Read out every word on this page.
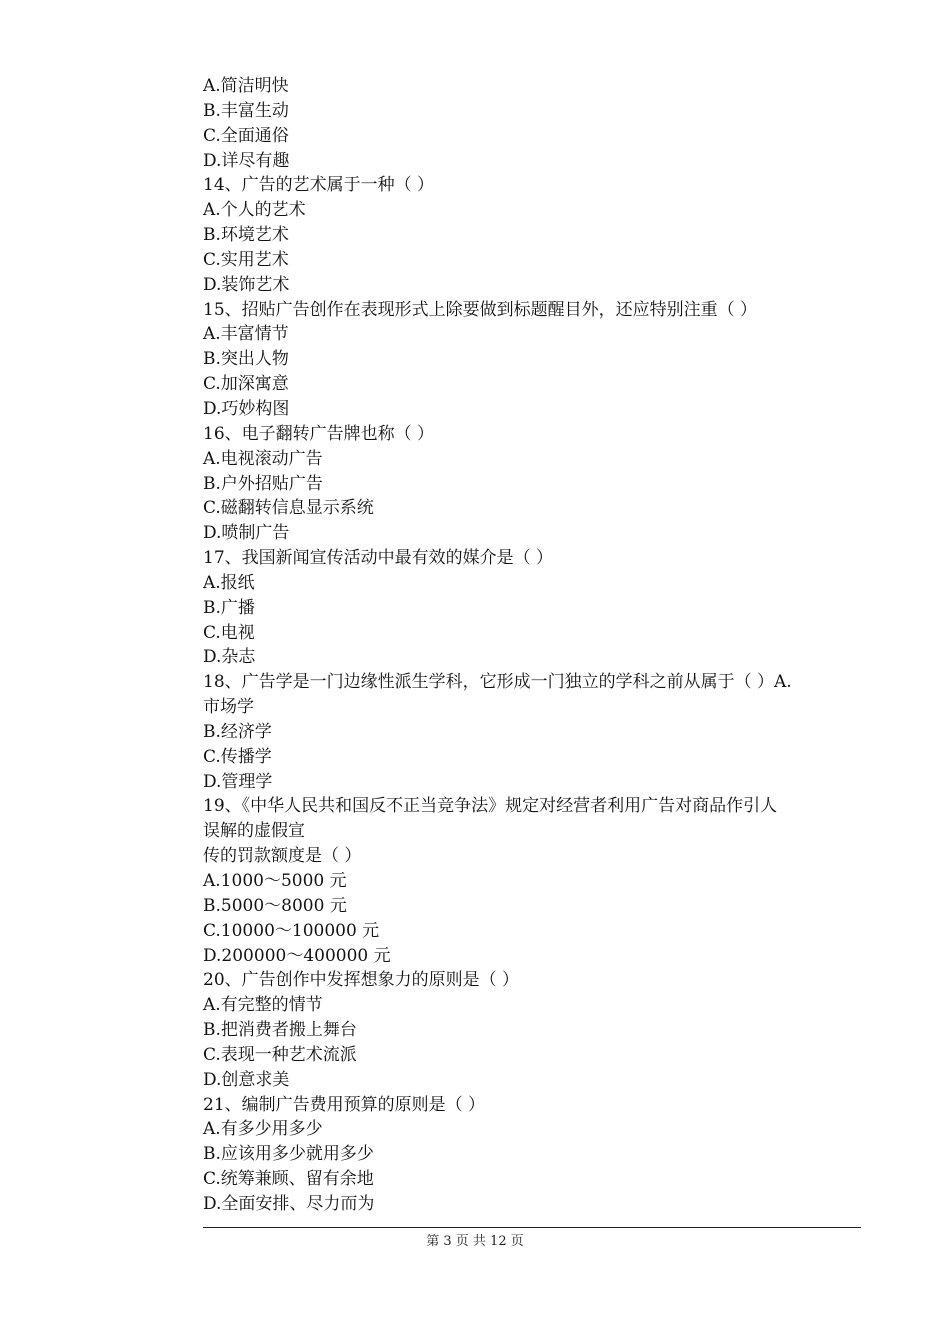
A.简洁明快
B.丰富生动
C.全面通俗
D.详尽有趣
14、广告的艺术属于一种（ ）
A.个人的艺术
B.环境艺术
C.实用艺术
D.装饰艺术
15、招贴广告创作在表现形式上除要做到标题醒目外，还应特别注重（ ）
A.丰富情节
B.突出人物
C.加深寓意
D.巧妙构图
16、电子翻转广告牌也称（ ）
A.电视滚动广告
B.户外招贴广告
C.磁翻转信息显示系统
D.喷制广告
17、我国新闻宣传活动中最有效的媒介是（ ）
A.报纸
B.广播
C.电视
D.杂志
18、广告学是一门边缘性派生学科，它形成一门独立的学科之前从属于（ ）A.
市场学
B.经济学
C.传播学
D.管理学
19、《中华人民共和国反不正当竞争法》规定对经营者利用广告对商品作引人
误解的虚假宣
传的罚款额度是（ ）
A.1000～5000 元
B.5000～8000 元
C.10000～100000 元
D.200000～400000 元
20、广告创作中发挥想象力的原则是（ ）
A.有完整的情节
B.把消费者搬上舞台
C.表现一种艺术流派
D.创意求美
21、编制广告费用预算的原则是（ ）
A.有多少用多少
B.应该用多少就用多少
C.统筹兼顾、留有余地
D.全面安排、尽力而为
第 3 页 共 12 页
